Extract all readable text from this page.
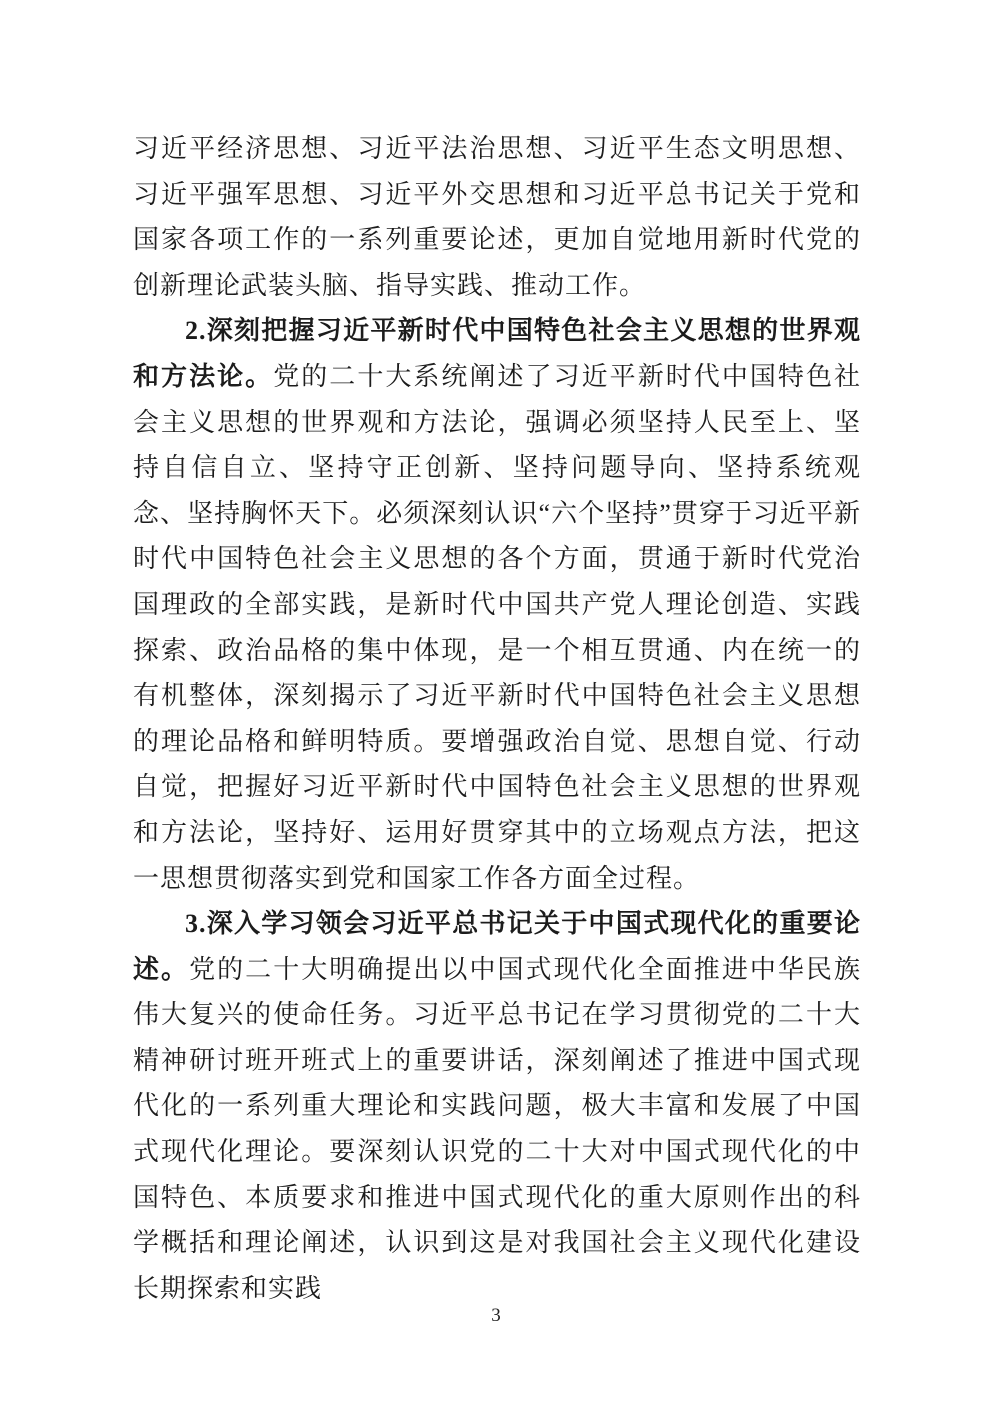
习近平经济思想、习近平法治思想、习近平生态文明思想、习近平强军思想、习近平外交思想和习近平总书记关于党和国家各项工作的一系列重要论述，更加自觉地用新时代党的创新理论武装头脑、指导实践、推动工作。

2.深刻把握习近平新时代中国特色社会主义思想的世界观和方法论。党的二十大系统阐述了习近平新时代中国特色社会主义思想的世界观和方法论，强调必须坚持人民至上、坚持自信自立、坚持守正创新、坚持问题导向、坚持系统观念、坚持胸怀天下。必须深刻认识“六个坚持”贯穿于习近平新时代中国特色社会主义思想的各个方面，贯通于新时代党治国理政的全部实践，是新时代中国共产党人理论创造、实践探索、政治品格的集中体现，是一个相互贯通、内在统一的有机整体，深刻揭示了习近平新时代中国特色社会主义思想的理论品格和鲜明特质。要增强政治自觉、思想自觉、行动自觉，把握好习近平新时代中国特色社会主义思想的世界观和方法论，坚持好、运用好贯穿其中的立场观点方法，把这一思想贯彻落实到党和国家工作各方面全过程。

3.深入学习领会习近平总书记关于中国式现代化的重要论述。党的二十大明确提出以中国式现代化全面推进中华民族伟大复兴的使命任务。习近平总书记在学习贯彻党的二十大精神研讨班开班式上的重要讲话，深刻阐述了推进中国式现代化的一系列重大理论和实践问题，极大丰富和发展了中国式现代化理论。要深刻认识党的二十大对中国式现代化的中国特色、本质要求和推进中国式现代化的重大原则作出的科学概括和理论阐述，认识到这是对我国社会主义现代化建设长期探索和实践

3
